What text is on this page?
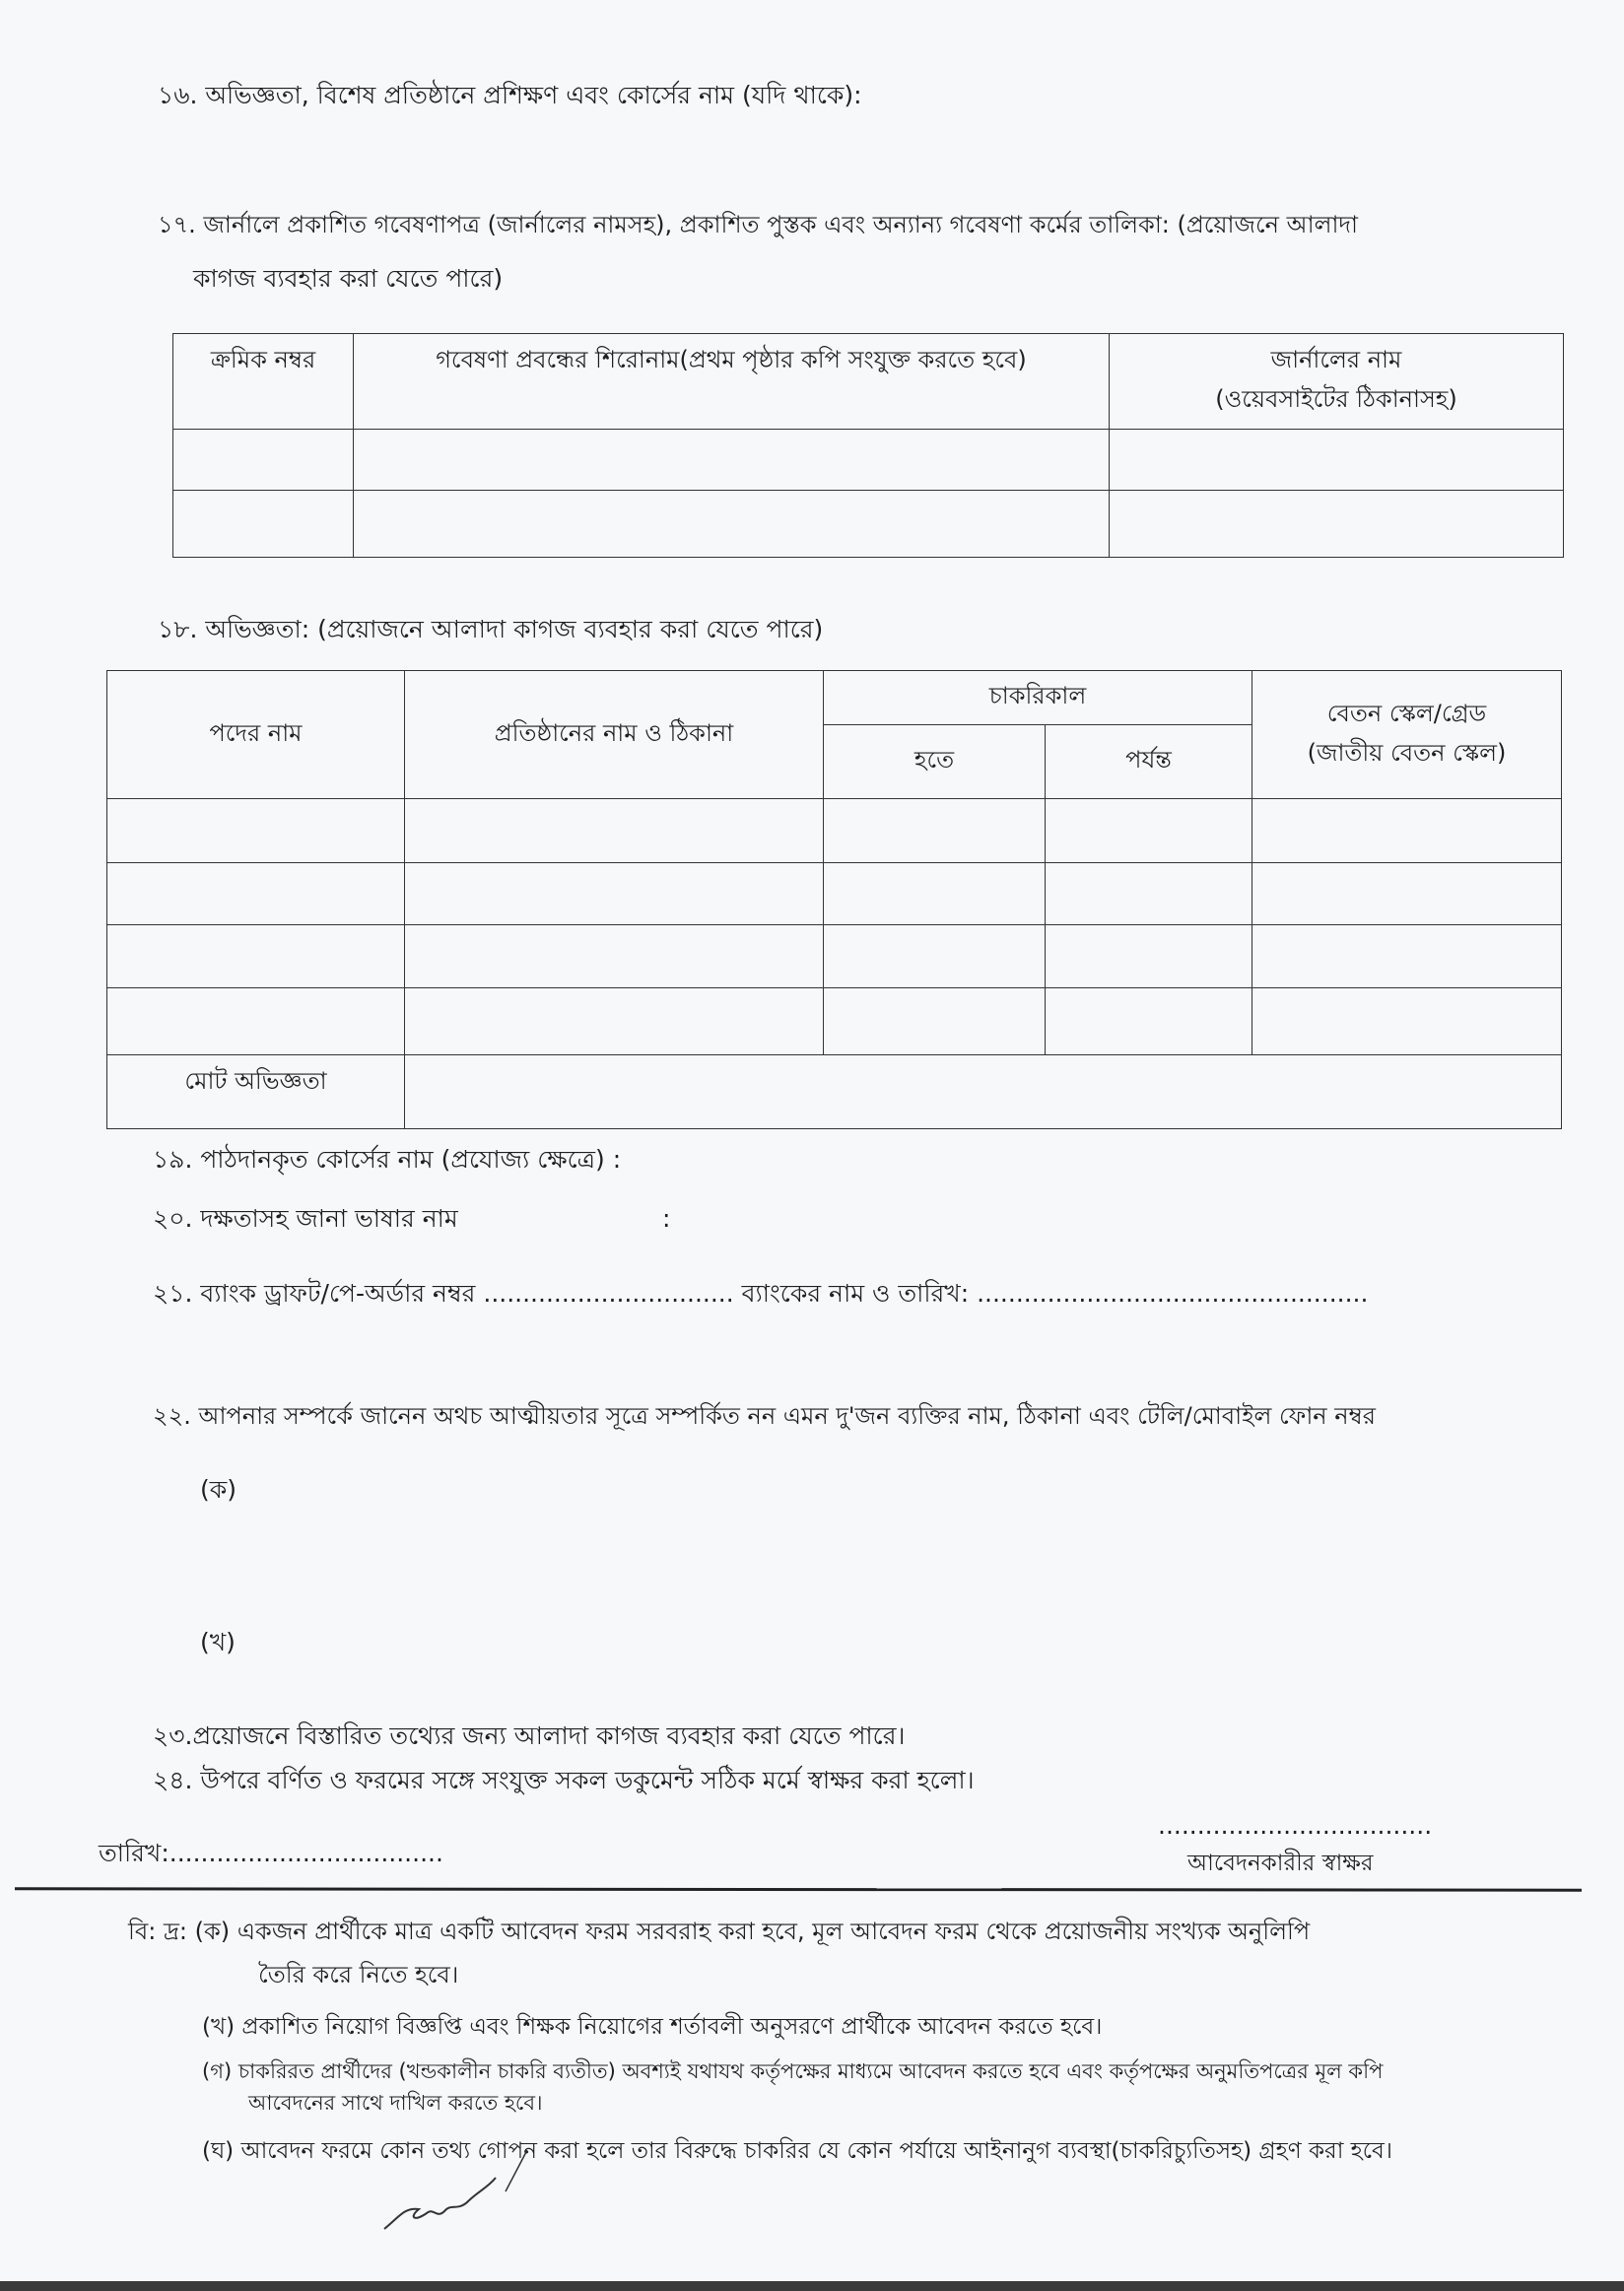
১৬. অভিজ্ঞতা, বিশেষ প্রতিষ্ঠানে প্রশিক্ষণ এবং কোর্সের নাম (যদি থাকে):
১৭. জার্নালে প্রকাশিত গবেষণাপত্র (জার্নালের নামসহ), প্রকাশিত পুস্তক এবং অন্যান্য গবেষণা কর্মের তালিকা: (প্রয়োজনে আলাদা
কাগজ ব্যবহার করা যেতে পারে)
ক্রমিক নম্বর	গবেষণা প্রবন্ধের শিরোনাম(প্রথম পৃষ্ঠার কপি সংযুক্ত করতে হবে)	জার্নালের নাম
(ওয়েবসাইটের ঠিকানাসহ)

১৮. অভিজ্ঞতা: (প্রয়োজনে আলাদা কাগজ ব্যবহার করা যেতে পারে)
পদের নাম	প্রতিষ্ঠানের নাম ও ঠিকানা	চাকরিকাল		বেতন স্কেল/গ্রেড
(জাতীয় বেতন স্কেল)

		হতে	পর্যন্ত	

মোট অভিজ্ঞতা				
১৯. পাঠদানকৃত কোর্সের নাম (প্রযোজ্য ক্ষেত্রে) :
২০. দক্ষতাসহ জানা ভাষার নাম	:
২১. ব্যাংক ড্রাফট/পে-অর্ডার নম্বর ................................ ব্যাংকের নাম ও তারিখ: ..................................................
২২. আপনার সম্পর্কে জানেন অথচ আত্মীয়তার সূত্রে সম্পর্কিত নন এমন দু'জন ব্যক্তির নাম, ঠিকানা এবং টেলি/মোবাইল ফোন নম্বর
(ক)
(খ)
২৩.প্রয়োজনে বিস্তারিত তথ্যের জন্য আলাদা কাগজ ব্যবহার করা যেতে পারে।
২৪. উপরে বর্ণিত ও ফরমের সঙ্গে সংযুক্ত সকল ডকুমেন্ট সঠিক মর্মে স্বাক্ষর করা হলো।
...................................
আবেদনকারীর স্বাক্ষর
তারিখ:...................................
বি: দ্র: (ক) একজন প্রার্থীকে মাত্র একটি আবেদন ফরম সরবরাহ করা হবে, মূল আবেদন ফরম থেকে প্রয়োজনীয় সংখ্যক অনুলিপি
তৈরি করে নিতে হবে।
(খ) প্রকাশিত নিয়োগ বিজ্ঞপ্তি এবং শিক্ষক নিয়োগের শর্তাবলী অনুসরণে প্রার্থীকে আবেদন করতে হবে।
(গ) চাকরিরত প্রার্থীদের (খন্ডকালীন চাকরি ব্যতীত) অবশ্যই যথাযথ কর্তৃপক্ষের মাধ্যমে আবেদন করতে হবে এবং কর্তৃপক্ষের অনুমতিপত্রের মূল কপি
আবেদনের সাথে দাখিল করতে হবে।
(ঘ) আবেদন ফরমে কোন তথ্য গোপন করা হলে তার বিরুদ্ধে চাকরির যে কোন পর্যায়ে আইনানুগ ব্যবস্থা(চাকরিচ্যুতিসহ) গ্রহণ করা হবে।
